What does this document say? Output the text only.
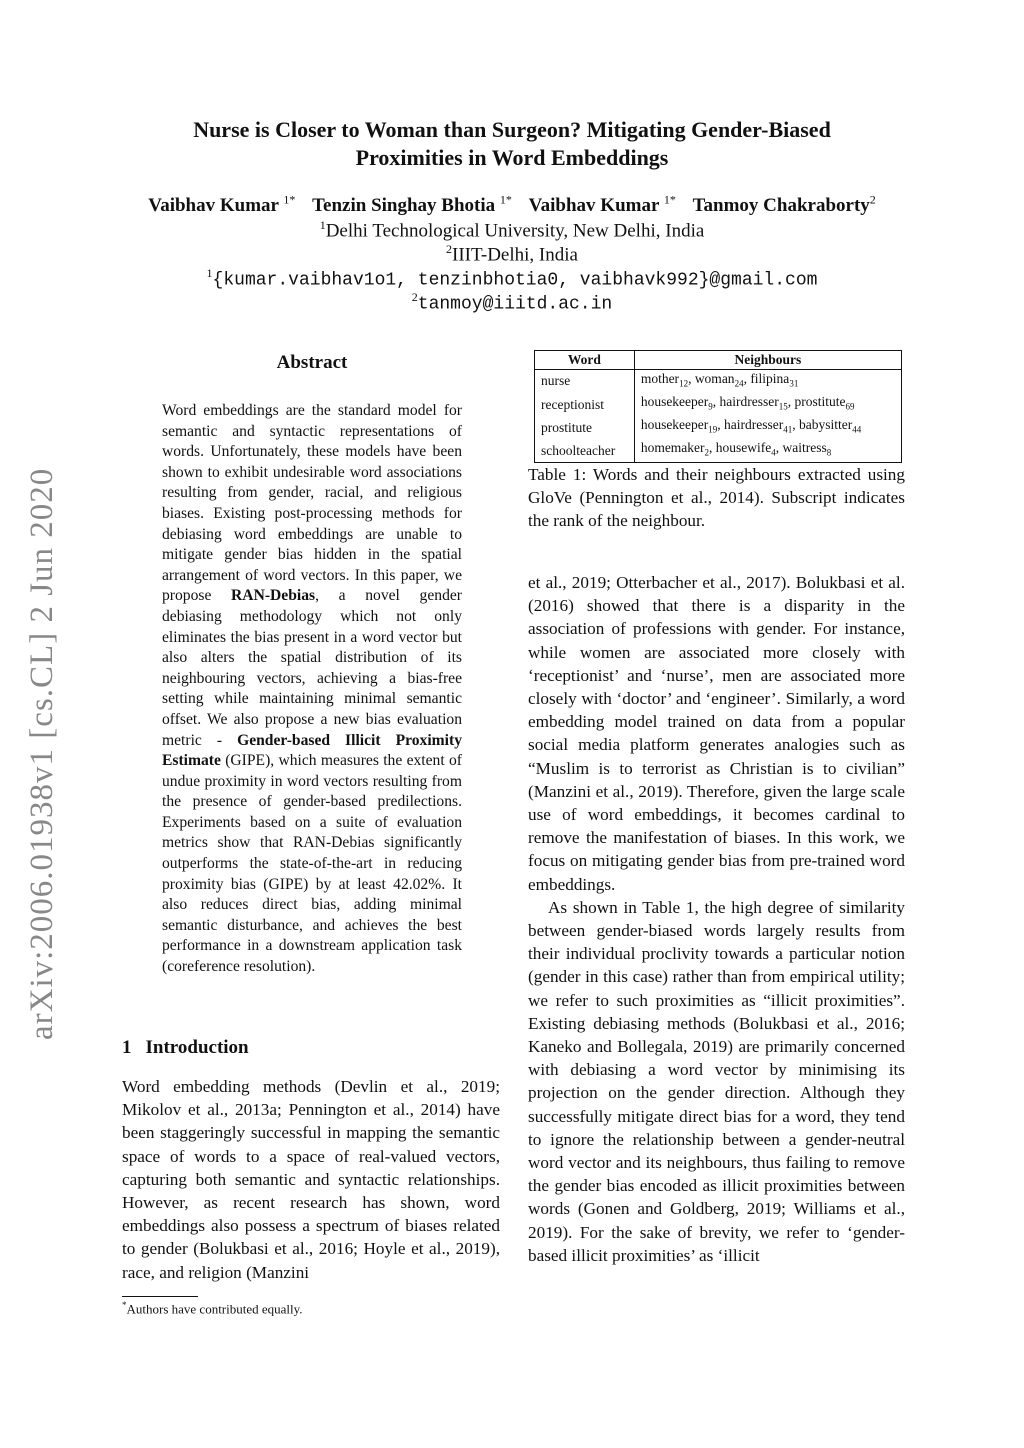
Nurse is Closer to Woman than Surgeon? Mitigating Gender-Biased
Proximities in Word Embeddings
Vaibhav Kumar $^{1*}$ Tenzin Singhay Bhotia $^{1*}$ Vaibhav Kumar $^{1*}$ Tanmoy Chakraborty$^2$
$^1$Delhi Technological University, New Delhi, India
$^2$IIIT-Delhi, India
$^1${kumar.vaibhav1o1, tenzinbhotia0, vaibhavk992}@gmail.com
$^2$tanmoy@iiitd.ac.in
arXiv:2006.01938v1 [cs.CL] 2 Jun 2020
Abstract
Word embeddings are the standard model for semantic and syntactic representations of words. Unfortunately, these models have been shown to exhibit undesirable word associations resulting from gender, racial, and religious biases. Existing post-processing methods for debiasing word embeddings are unable to mitigate gender bias hidden in the spatial arrangement of word vectors. In this paper, we propose RAN-Debias, a novel gender debiasing methodology which not only eliminates the bias present in a word vector but also alters the spatial distribution of its neighbouring vectors, achieving a bias-free setting while maintaining minimal semantic offset. We also propose a new bias evaluation metric - Gender-based Illicit Proximity Estimate (GIPE), which measures the extent of undue proximity in word vectors resulting from the presence of gender-based predilections. Experiments based on a suite of evaluation metrics show that RAN-Debias significantly outperforms the state-of-the-art in reducing proximity bias (GIPE) by at least 42.02%. It also reduces direct bias, adding minimal semantic disturbance, and achieves the best performance in a downstream application task (coreference resolution).
1 Introduction

Word embedding methods (Devlin et al., 2019; Mikolov et al., 2013a; Pennington et al., 2014) have been staggeringly successful in mapping the semantic space of words to a space of real-valued vectors, capturing both semantic and syntactic relationships. However, as recent research has shown, word embeddings also possess a spectrum of biases related to gender (Bolukbasi et al., 2016; Hoyle et al., 2019), race, and religion (Manzini

*Authors have contributed equally.
Word	Neighbours
nurse	mother$_{12}$, woman$_{24}$, filipina$_{31}$
receptionist	housekeeper$_9$, hairdresser$_{15}$, prostitute$_{69}$
prostitute	housekeeper$_{19}$, hairdresser$_{41}$, babysitter$_{44}$
schoolteacher	homemaker$_2$, housewife$_4$, waitress$_8$
Table 1: Words and their neighbours extracted using GloVe (Pennington et al., 2014). Subscript indicates the rank of the neighbour.

et al., 2019; Otterbacher et al., 2017). Bolukbasi et al. (2016) showed that there is a disparity in the association of professions with gender. For instance, while women are associated more closely with ‘receptionist’ and ‘nurse’, men are associated more closely with ‘doctor’ and ‘engineer’. Similarly, a word embedding model trained on data from a popular social media platform generates analogies such as “Muslim is to terrorist as Christian is to civilian” (Manzini et al., 2019). Therefore, given the large scale use of word embeddings, it becomes cardinal to remove the manifestation of biases. In this work, we focus on mitigating gender bias from pre-trained word embeddings.

As shown in Table 1, the high degree of similarity between gender-biased words largely results from their individual proclivity towards a particular notion (gender in this case) rather than from empirical utility; we refer to such proximities as “illicit proximities”. Existing debiasing methods (Bolukbasi et al., 2016; Kaneko and Bollegala, 2019) are primarily concerned with debiasing a word vector by minimising its projection on the gender direction. Although they successfully mitigate direct bias for a word, they tend to ignore the relationship between a gender-neutral word vector and its neighbours, thus failing to remove the gender bias encoded as illicit proximities between words (Gonen and Goldberg, 2019; Williams et al., 2019). For the sake of brevity, we refer to ‘gender-based illicit proximities’ as ‘illicit
